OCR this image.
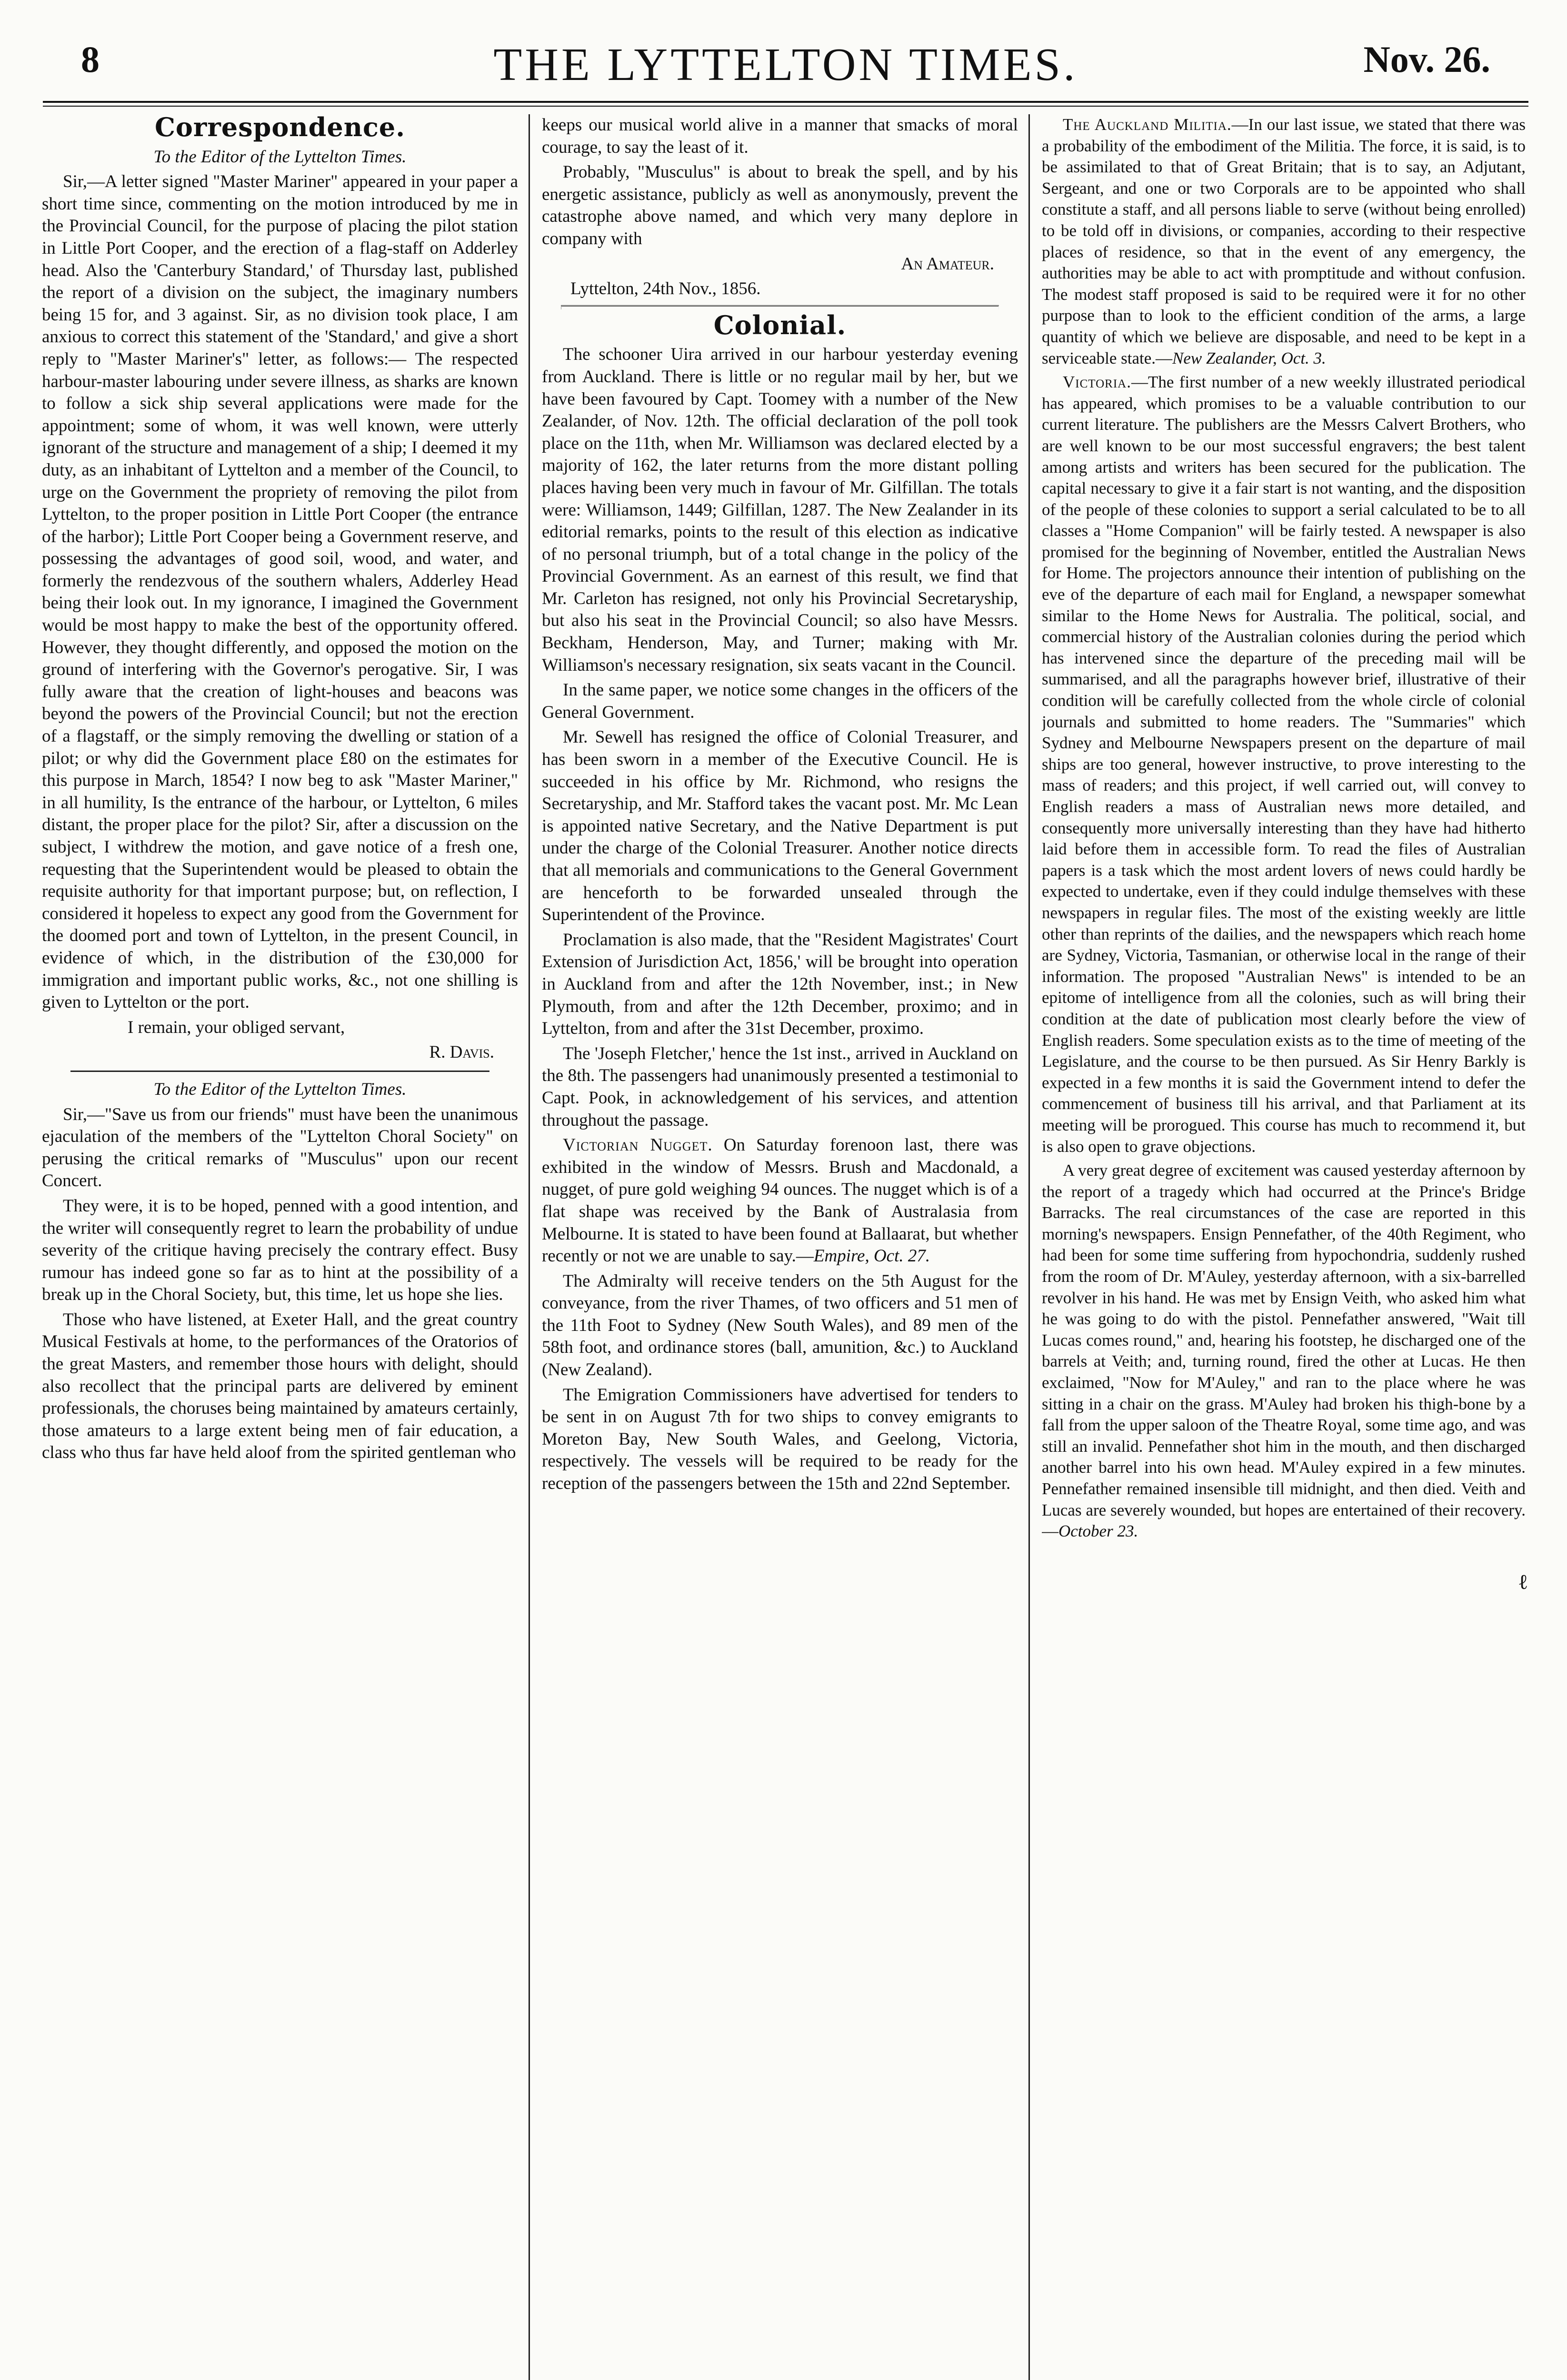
THE LYTTELTON TIMES.
8	Nov. 26.
Correspondence.

To the Editor of the Lyttelton Times.

Sir,—A letter signed "Master Mariner" appeared in your paper a short time since, commenting on the motion introduced by me in the Provincial Council, for the purpose of placing the pilot station in Little Port Cooper, and the erection of a flag-staff on Adderley head. Also the 'Canterbury Standard,' of Thursday last, published the report of a division on the subject, the imaginary numbers being 15 for, and 3 against. Sir, as no division took place, I am anxious to correct this statement of the 'Standard,' and give a short reply to "Master Mariner's" letter, as follows:— The respected harbour-master labouring under severe illness, as sharks are known to follow a sick ship several applications were made for the appointment; some of whom, it was well known, were utterly ignorant of the structure and management of a ship; I deemed it my duty, as an inhabitant of Lyttelton and a member of the Council, to urge on the Government the propriety of removing the pilot from Lyttelton, to the proper position in Little Port Cooper (the entrance of the harbor); Little Port Cooper being a Government reserve, and possessing the advantages of good soil, wood, and water, and formerly the rendezvous of the southern whalers, Adderley Head being their look out. In my ignorance, I imagined the Government would be most happy to make the best of the opportunity offered. However, they thought differently, and opposed the motion on the ground of interfering with the Governor's perogative. Sir, I was fully aware that the creation of light-houses and beacons was beyond the powers of the Provincial Council; but not the erection of a flagstaff, or the simply removing the dwelling or station of a pilot; or why did the Government place £80 on the estimates for this purpose in March, 1854? I now beg to ask "Master Mariner," in all humility, Is the entrance of the harbour, or Lyttelton, 6 miles distant, the proper place for the pilot? Sir, after a discussion on the subject, I withdrew the motion, and gave notice of a fresh one, requesting that the Superintendent would be pleased to obtain the requisite authority for that important purpose; but, on reflection, I considered it hopeless to expect any good from the Government for the doomed port and town of Lyttelton, in the present Council, in evidence of which, in the distribution of the £30,000 for immigration and important public works, &c., not one shilling is given to Lyttelton or the port.

I remain, your obliged servant,

R. Davis.

To the Editor of the Lyttelton Times.

Sir,—"Save us from our friends" must have been the unanimous ejaculation of the members of the "Lyttelton Choral Society" on perusing the critical remarks of "Musculus" upon our recent Concert.

They were, it is to be hoped, penned with a good intention, and the writer will consequently regret to learn the probability of undue severity of the critique having precisely the contrary effect. Busy rumour has indeed gone so far as to hint at the possibility of a break up in the Choral Society, but, this time, let us hope she lies.

Those who have listened, at Exeter Hall, and the great country Musical Festivals at home, to the performances of the Oratorios of the great Masters, and remember those hours with delight, should also recollect that the principal parts are delivered by eminent professionals, the choruses being maintained by amateurs certainly, those amateurs to a large extent being men of fair education, a class who thus far have held aloof from the spirited gentleman who

keeps our musical world alive in a manner that smacks of moral courage, to say the least of it.

Probably, "Musculus" is about to break the spell, and by his energetic assistance, publicly as well as anonymously, prevent the catastrophe above named, and which very many deplore in company with

An Amateur.

Lyttelton, 24th Nov., 1856.

Colonial.

The schooner Uira arrived in our harbour yesterday evening from Auckland. There is little or no regular mail by her, but we have been favoured by Capt. Toomey with a number of the New Zealander, of Nov. 12th. The official declaration of the poll took place on the 11th, when Mr. Williamson was declared elected by a majority of 162, the later returns from the more distant polling places having been very much in favour of Mr. Gilfillan. The totals were: Williamson, 1449; Gilfillan, 1287. The New Zealander in its editorial remarks, points to the result of this election as indicative of no personal triumph, but of a total change in the policy of the Provincial Government. As an earnest of this result, we find that Mr. Carleton has resigned, not only his Provincial Secretaryship, but also his seat in the Provincial Council; so also have Messrs. Beckham, Henderson, May, and Turner; making with Mr. Williamson's necessary resignation, six seats vacant in the Council.

In the same paper, we notice some changes in the officers of the General Government.

Mr. Sewell has resigned the office of Colonial Treasurer, and has been sworn in a member of the Executive Council. He is succeeded in his office by Mr. Richmond, who resigns the Secretaryship, and Mr. Stafford takes the vacant post. Mr. Mc Lean is appointed native Secretary, and the Native Department is put under the charge of the Colonial Treasurer. Another notice directs that all memorials and communications to the General Government are henceforth to be forwarded unsealed through the Superintendent of the Province.

Proclamation is also made, that the "Resident Magistrates' Court Extension of Jurisdiction Act, 1856,' will be brought into operation in Auckland from and after the 12th November, inst.; in New Plymouth, from and after the 12th December, proximo; and in Lyttelton, from and after the 31st December, proximo.

The 'Joseph Fletcher,' hence the 1st inst., arrived in Auckland on the 8th. The passengers had unanimously presented a testimonial to Capt. Pook, in acknowledgement of his services, and attention throughout the passage.

Victorian Nugget. On Saturday forenoon last, there was exhibited in the window of Messrs. Brush and Macdonald, a nugget, of pure gold weighing 94 ounces. The nugget which is of a flat shape was received by the Bank of Australasia from Melbourne. It is stated to have been found at Ballaarat, but whether recently or not we are unable to say.—Empire, Oct. 27.

The Admiralty will receive tenders on the 5th August for the conveyance, from the river Thames, of two officers and 51 men of the 11th Foot to Sydney (New South Wales), and 89 men of the 58th foot, and ordinance stores (ball, amunition, &c.) to Auckland (New Zealand).

The Emigration Commissioners have advertised for tenders to be sent in on August 7th for two ships to convey emigrants to Moreton Bay, New South Wales, and Geelong, Victoria, respectively. The vessels will be required to be ready for the reception of the passengers between the 15th and 22nd September.

The Auckland Militia.—In our last issue, we stated that there was a probability of the embodiment of the Militia. The force, it is said, is to be assimilated to that of Great Britain; that is to say, an Adjutant, Sergeant, and one or two Corporals are to be appointed who shall constitute a staff, and all persons liable to serve (without being enrolled) to be told off in divisions, or companies, according to their respective places of residence, so that in the event of any emergency, the authorities may be able to act with promptitude and without confusion. The modest staff proposed is said to be required were it for no other purpose than to look to the efficient condition of the arms, a large quantity of which we believe are disposable, and need to be kept in a serviceable state.—New Zealander, Oct. 3.

Victoria.—The first number of a new weekly illustrated periodical has appeared, which promises to be a valuable contribution to our current literature. The publishers are the Messrs Calvert Brothers, who are well known to be our most successful engravers; the best talent among artists and writers has been secured for the publication. The capital necessary to give it a fair start is not wanting, and the disposition of the people of these colonies to support a serial calculated to be to all classes a "Home Companion" will be fairly tested. A newspaper is also promised for the beginning of November, entitled the Australian News for Home. The projectors announce their intention of publishing on the eve of the departure of each mail for England, a newspaper somewhat similar to the Home News for Australia. The political, social, and commercial history of the Australian colonies during the period which has intervened since the departure of the preceding mail will be summarised, and all the paragraphs however brief, illustrative of their condition will be carefully collected from the whole circle of colonial journals and submitted to home readers. The "Summaries" which Sydney and Melbourne Newspapers present on the departure of mail ships are too general, however instructive, to prove interesting to the mass of readers; and this project, if well carried out, will convey to English readers a mass of Australian news more detailed, and consequently more universally interesting than they have had hitherto laid before them in accessible form. To read the files of Australian papers is a task which the most ardent lovers of news could hardly be expected to undertake, even if they could indulge themselves with these newspapers in regular files. The most of the existing weekly are little other than reprints of the dailies, and the newspapers which reach home are Sydney, Victoria, Tasmanian, or otherwise local in the range of their information. The proposed "Australian News" is intended to be an epitome of intelligence from all the colonies, such as will bring their condition at the date of publication most clearly before the view of English readers. Some speculation exists as to the time of meeting of the Legislature, and the course to be then pursued. As Sir Henry Barkly is expected in a few months it is said the Government intend to defer the commencement of business till his arrival, and that Parliament at its meeting will be prorogued. This course has much to recommend it, but is also open to grave objections.

A very great degree of excitement was caused yesterday afternoon by the report of a tragedy which had occurred at the Prince's Bridge Barracks. The real circumstances of the case are reported in this morning's newspapers. Ensign Pennefather, of the 40th Regiment, who had been for some time suffering from hypochondria, suddenly rushed from the room of Dr. M'Auley, yesterday afternoon, with a six-barrelled revolver in his hand. He was met by Ensign Veith, who asked him what he was going to do with the pistol. Pennefather answered, "Wait till Lucas comes round," and, hearing his footstep, he discharged one of the barrels at Veith; and, turning round, fired the other at Lucas. He then exclaimed, "Now for M'Auley," and ran to the place where he was sitting in a chair on the grass. M'Auley had broken his thigh-bone by a fall from the upper saloon of the Theatre Royal, some time ago, and was still an invalid. Pennefather shot him in the mouth, and then discharged another barrel into his own head. M'Auley expired in a few minutes. Pennefather remained insensible till midnight, and then died. Veith and Lucas are severely wounded, but hopes are entertained of their recovery.—October 23.

ℓ
